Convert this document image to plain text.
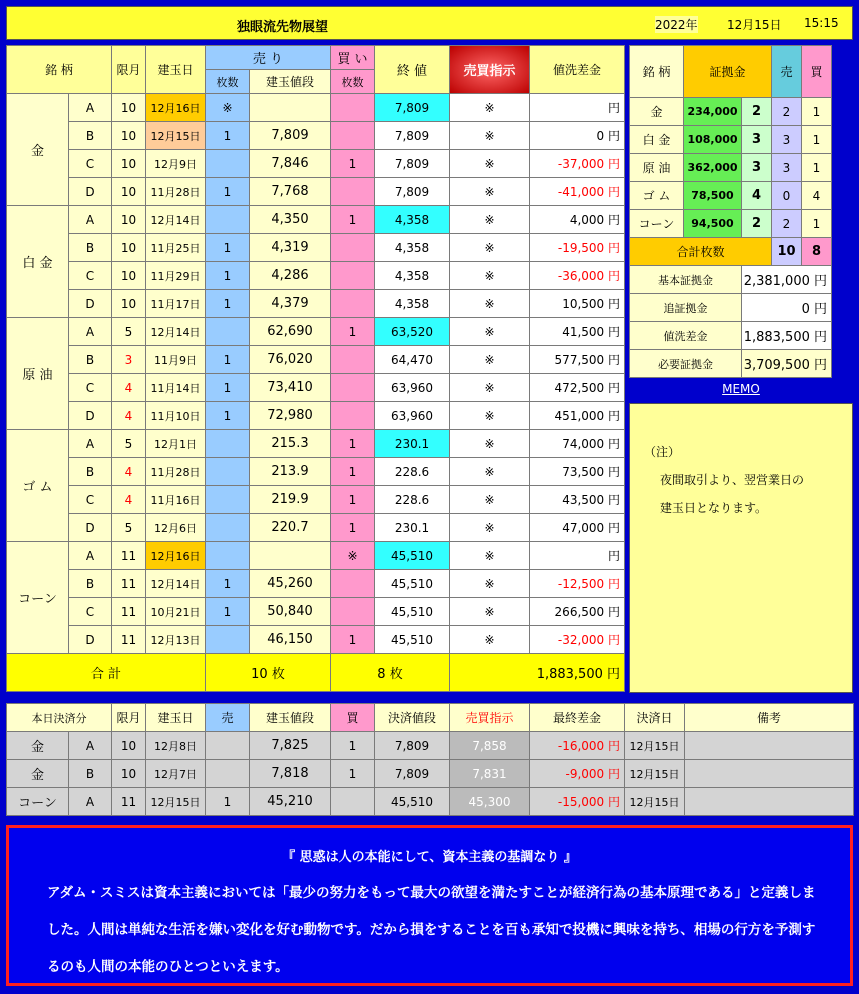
独眼流先物展望	2022年 12月15日 15:15
銘 柄		限月	建玉日	売 り		買 い	終 値	売買指示	値洗差金
				枚数	建玉値段	枚数			
金	A	10	12月16日	※			7,809	※	円
	B	10	12月15日	1	7,809		7,809	※	0 円
	C	10	12月9日		7,846	1	7,809	※	-37,000 円
	D	10	11月28日	1	7,768		7,809	※	-41,000 円
白 金	A	10	12月14日		4,350	1	4,358	※	4,000 円
	B	10	11月25日	1	4,319		4,358	※	-19,500 円
	C	10	11月29日	1	4,286		4,358	※	-36,000 円
	D	10	11月17日	1	4,379		4,358	※	10,500 円
原 油	A	5	12月14日		62,690	1	63,520	※	41,500 円
	B	3	11月9日	1	76,020		64,470	※	577,500 円
	C	4	11月14日	1	73,410		63,960	※	472,500 円
	D	4	11月10日	1	72,980		63,960	※	451,000 円
ゴ ム	A	5	12月1日		215.3	1	230.1	※	74,000 円
	B	4	11月28日		213.9	1	228.6	※	73,500 円
	C	4	11月16日		219.9	1	228.6	※	43,500 円
	D	5	12月6日		220.7	1	230.1	※	47,000 円
コーン	A	11	12月16日			※	45,510	※	円
	B	11	12月14日	1	45,260		45,510	※	-12,500 円
	C	11	10月21日	1	50,840		45,510	※	266,500 円
	D	11	12月13日		46,150	1	45,510	※	-32,000 円
合 計				10 枚		8 枚		1,883,500 円	
銘 柄	証拠金		売	買
金	234,000	2	2	1
白 金	108,000	3	3	1
原 油	362,000	3	3	1
ゴ ム	78,500	4	0	4
コーン	94,500	2	2	1
合計枚数			10	8
基本証拠金		2,381,000 円		
追証拠金		0 円		
値洗差金		1,883,500 円		
必要証拠金		3,709,500 円		
MEMO
（注）
夜間取引より、翌営業日の
建玉日となります。
本日決済分		限月	建玉日	売	建玉値段	買	決済値段	売買指示	最終差金	決済日	備考
金	A	10	12月8日		7,825	1	7,809	7,858	-16,000 円	12月15日	
金	B	10	12月7日		7,818	1	7,809	7,831	-9,000 円	12月15日	
コーン	A	11	12月15日	1	45,210		45,510	45,300	-15,000 円	12月15日	
『 思惑は人の本能にして、資本主義の基調なり 』
アダム・スミスは資本主義においては「最少の努力をもって最大の欲望を満たすことが経済行為の基本原理である」と定義しました。人間は単純な生活を嫌い変化を好む動物です。だから損をすることを百も承知で投機に興味を持ち、相場の行方を予測するのも人間の本能のひとつといえます。
